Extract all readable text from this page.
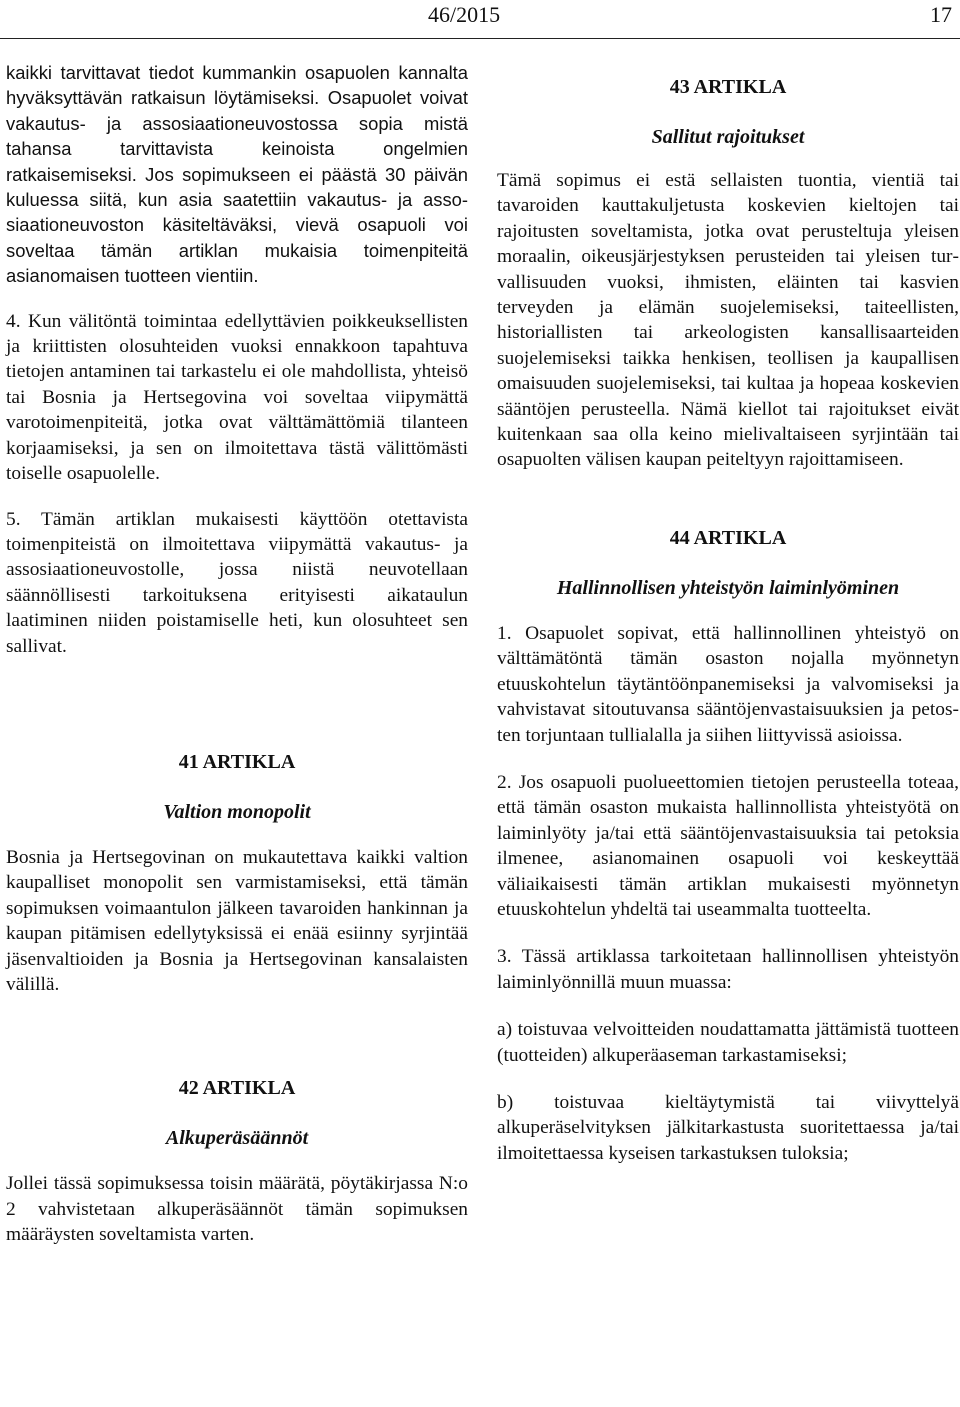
46/2015	17

kaikki tarvittavat tiedot kummankin osapuolen kannalta hyväksyttävän ratkaisun löytämiseksi. Osapuolet voivat vakautus- ja assosiaationeuvostossa sopia mistä tahansa tarvittavista keinoista ongelmien ratkaisemiseksi. Jos sopimukseen ei päästä 30 päivän kuluessa siitä, kun asia saatettiin vakautus- ja assosiaationeuvoston käsiteltäväksi, vievä osapuoli voi soveltaa tämän artiklan mukaisia toimenpiteitä asianomaisen tuotteen vientiin.

4. Kun välitöntä toimintaa edellyttävien poikkeuksellisten ja kriittisten olosuhteiden vuoksi ennakkoon tapahtuva tietojen antaminen tai tarkastelu ei ole mahdollista, yhteisö tai Bosnia ja Hertsegovina voi soveltaa viipymättä varotoimenpiteitä, jotka ovat välttämättömiä tilanteen korjaamiseksi, ja sen on ilmoitettava tästä välittömästi toiselle osapuolelle.

5. Tämän artiklan mukaisesti käyttöön otettavista toimenpiteistä on ilmoitettava viipymättä vakautus- ja assosiaationeuvostolle, jossa niistä neuvotellaan säännöllisesti tarkoituksena erityisesti aikataulun laatiminen niiden poistamiselle heti, kun olosuhteet sen sallivat.

41 ARTIKLA
Valtion monopolit

Bosnia ja Hertsegovinan on mukautettava kaikki valtion kaupalliset monopolit sen varmistamiseksi, että tämän sopimuksen voimaantulon jälkeen tavaroiden hankinnan ja kaupan pitämisen edellytyksissä ei enää esiinny syrjintää jäsenvaltioiden ja Bosnia ja Hertsegovinan kansalaisten välillä.

42 ARTIKLA
Alkuperäsäännöt

Jollei tässä sopimuksessa toisin määrätä, pöytäkirjassa N:o 2 vahvistetaan alkuperäsäännöt tämän sopimuksen määräysten soveltamista varten.

43 ARTIKLA
Sallitut rajoitukset

Tämä sopimus ei estä sellaisten tuontia, vientiä tai tavaroiden kauttakuljetusta koskevien kieltojen tai rajoitusten soveltamista, jotka ovat perusteltuja yleisen moraalin, oikeusjärjestyksen perusteiden tai yleisen turvallisuuden vuoksi, ihmisten, eläinten tai kasvien terveyden ja elämän suojelemiseksi, taiteellisten, historiallisten tai arkeologisten kansallisaarteiden suojelemiseksi taikka henkisen, teollisen ja kaupallisen omaisuuden suojelemiseksi, tai kultaa ja hopeaa koskevien sääntöjen perusteella. Nämä kiellot tai rajoitukset eivät kuitenkaan saa olla keino mielivaltaiseen syrjintään tai osapuolten välisen kaupan peiteltyyn rajoittamiseen.

44 ARTIKLA
Hallinnollisen yhteistyön laiminlyöminen

1. Osapuolet sopivat, että hallinnollinen yhteistyö on välttämätöntä tämän osaston nojalla myönnetyn etuuskohtelun täytäntöönpanemiseksi ja valvomiseksi ja vahvistavat sitoutuvansa sääntöjenvastaisuuksien ja petosten torjuntaan tullialalla ja siihen liittyvissä asioissa.

2. Jos osapuoli puolueettomien tietojen perusteella toteaa, että tämän osaston mukaista hallinnollista yhteistyötä on laiminlyöty ja/tai että sääntöjenvastaisuuksia tai petoksia ilmenee, asianomainen osapuoli voi keskeyttää väliaikaisesti tämän artiklan mukaisesti myönnetyn etuuskohtelun yhdeltä tai useammalta tuotteelta.

3. Tässä artiklassa tarkoitetaan hallinnollisen yhteistyön laiminlyönnillä muun muassa:

a) toistuvaa velvoitteiden noudattamatta jättämistä tuotteen (tuotteiden) alkuperäaseman tarkastamiseksi;

b) toistuvaa kieltäytymistä tai viivyttelyä alkuperäselvityksen jälkitarkastusta suoritettaessa ja/tai ilmoitettaessa kyseisen tarkastuksen tuloksia;
